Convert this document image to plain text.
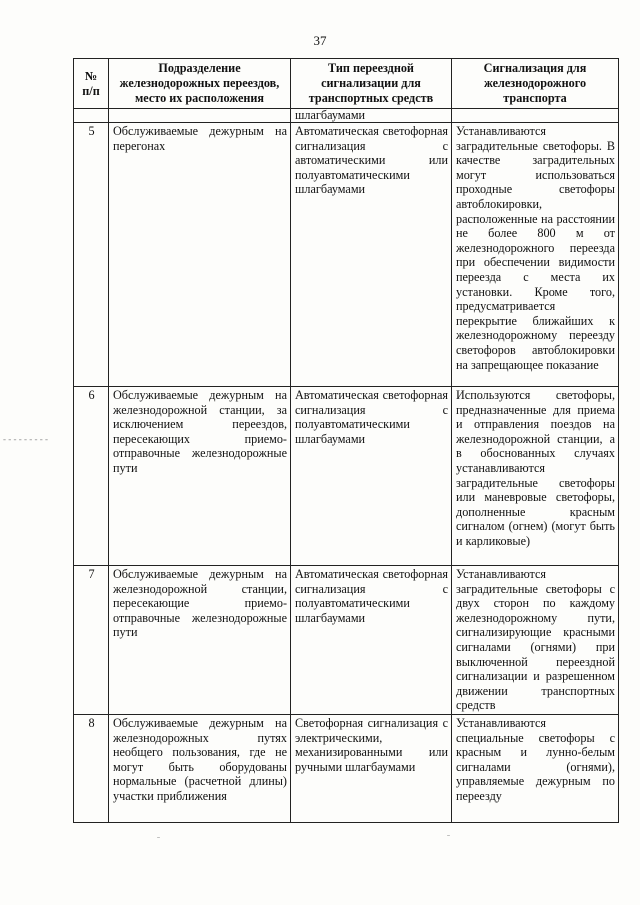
37
№
п/п	Подразделение железнодорожных переездов, место их расположения	Тип переездной сигнализации для транспортных средств	Сигнализация для железнодорожного транспорта
		шлагбаумами	
5	Обслуживаемые дежурным на перегонах	Автоматическая светофорная сигнализация с автоматическими или полуавтоматическими шлагбаумами	Устанавливаются заградительные светофоры. В качестве заградительных могут использоваться проходные светофоры автоблокировки, расположенные на расстоянии не более 800 м от железнодорожного переезда при обеспечении видимости переезда с места их установки. Кроме того, предусматривается перекрытие ближайших к железнодорожному переезду светофоров автоблокировки на запрещающее показание
6	Обслуживаемые дежурным на железнодорожной станции, за исключением переездов, пересекающих приемо-отправочные железнодорожные пути	Автоматическая светофорная сигнализация с полуавтоматическими шлагбаумами	Используются светофоры, предназначенные для приема и отправления поездов на железнодорожной станции, а в обоснованных случаях устанавливаются заградительные светофоры или маневровые светофоры, дополненные красным сигналом (огнем) (могут быть и карликовые)
7	Обслуживаемые дежурным на железнодорожной станции, пересекающие приемо-отправочные железнодорожные пути	Автоматическая светофорная сигнализация с полуавтоматическими шлагбаумами	Устанавливаются заградительные светофоры с двух сторон по каждому железнодорожному пути, сигнализирующие красными сигналами (огнями) при выключенной переездной сигнализации и разрешенном движении транспортных средств
8	Обслуживаемые дежурным на железнодорожных путях необщего пользования, где не могут быть оборудованы нормальные (расчетной длины) участки приближения	Светофорная сигнализация с электрическими, механизированными или ручными шлагбаумами	Устанавливаются специальные светофоры с красным и лунно-белым сигналами (огнями), управляемые дежурным по переезду
- - - - - - - - -
ˉ	ˉ
